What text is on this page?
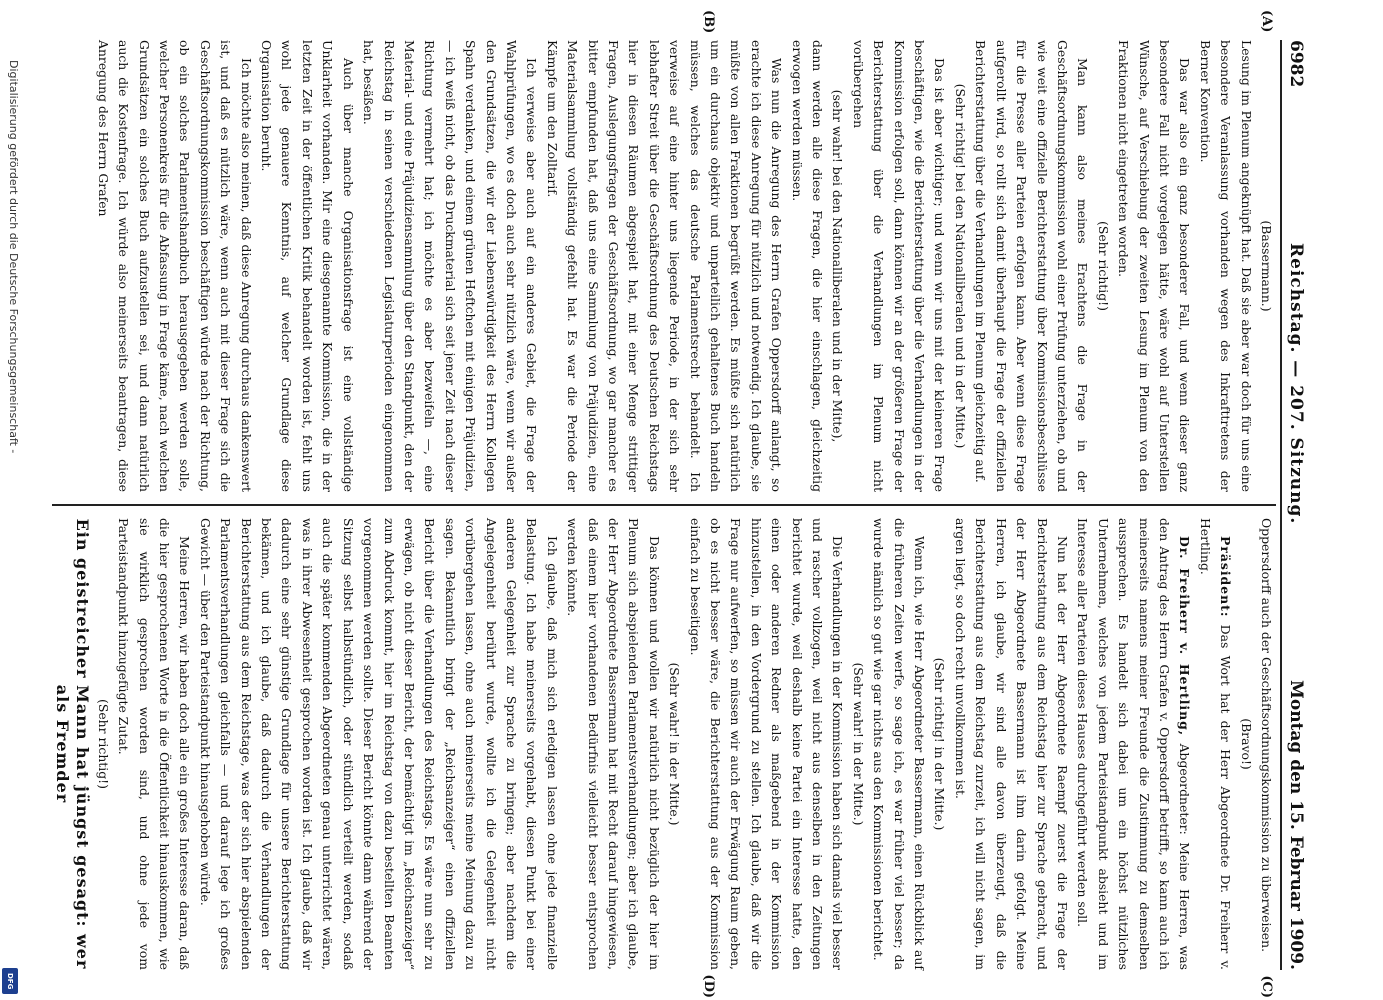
6982
Reichstag. — 207. Sitzung.
Montag den 15. Februar 1909.
(A)
(B)
(C)
(D)

(Bassermann.)

Lesung im Plenum angeknüpft hat. Daß sie aber war doch für uns eine besondere Veranlassung vorhanden wegen des Inkrafttretens der Berner Konvention.

Das war also ein ganz besonderer Fall, und wenn dieser ganz besondere Fall nicht vorgelegen hätte, wäre wohl auf Unterstellen Wünsche, auf Verschiebung der zweiten Lesung im Plenum von den Fraktionen nicht eingetreten worden.

(Sehr richtig!)

Man kann also meines Erachtens die Frage in der Geschäftsordnungskommission wohl einer Prüfung unterziehen, ob und wie weit eine offizielle Berichterstattung über Kommissionsbeschlüsse für die Presse aller Parteien erfolgen kann. Aber wenn diese Frage aufgerollt wird, so rollt sich damit überhaupt die Frage der offiziellen Berichterstattung über die Verhandlungen im Plenum gleichzeitig auf.

(Sehr richtig! bei den Nationalliberalen und in der Mitte.)

Das ist aber wichtiger; und wenn wir uns mit der kleineren Frage beschäftigen, wie die Berichterstattung über die Verhandlungen in der Kommission erfolgen soll, dann können wir an der größeren Frage der Berichterstattung über die Verhandlungen im Plenum nicht vorübergehen

(sehr wahr! bei den Nationalliberalen und in der Mitte),

dann werden alle diese Fragen, die hier einschlagen, gleichzeitig erwogen werden müssen.

Was nun die Anregung des Herrn Grafen Oppersdorff anlangt, so erachte ich diese Anregung für nützlich und notwendig. Ich glaube, sie müßte von allen Fraktionen begrüßt werden. Es müßte sich natürlich um ein durchaus objektiv und unparteilich gehaltenes Buch handeln müssen, welches das deutsche Parlamentsrecht behandelt. Ich verweise auf eine hinter uns liegende Periode, in der sich sehr lebhafter Streit über die Geschäftsordnung des Deutschen Reichstags hier in diesen Räumen abgespielt hat, mit einer Menge strittiger Fragen, Auslegungsfragen der Geschäftsordnung, wo gar mancher es bitter empfunden hat, daß uns eine Sammlung von Präjudizien, eine Materialsammlung vollständig gefehlt hat. Es war die Periode der Kämpfe um den Zolltarif.

Ich verweise aber auch auf ein anderes Gebiet, die Frage der Wahlprüfungen, wo es doch auch sehr nützlich wäre, wenn wir außer den Grundsätzen, die wir der Liebenswürdigkeit des Herrn Kollegen Spahn verdanken, und einem grünen Heftchen mit einigen Präjudizien, — ich weiß nicht, ob das Druckmaterial sich seit jener Zeit nach dieser Richtung vermehrt hat; ich möchte es aber bezweifeln —, eine Material- und eine Präjudiziensammlung über den Standpunkt, den der Reichstag in seinen verschiedenen Legislaturperioden eingenommen hat, besäßen.

Auch über manche Organisationsfrage ist eine vollständige Unklarheit vorhanden. Mir eine diesgenannte Kommission, die in der letzten Zeit in der öffentlichen Kritik behandelt worden ist, fehlt uns wohl jede genauere Kenntnis, auf welcher Grundlage diese Organisation beruht.

Ich möchte also meinen, daß diese Anregung durchaus dankenswert ist, und daß es nützlich wäre, wenn auch mit dieser Frage sich die Geschäftsordnungskommission beschäftigen würde nach der Richtung, ob ein solches Parlamentshandbuch herausgegeben werden solle, welcher Personenkreis für die Abfassung in Frage käme, nach welchen Grundsätzen ein solches Buch aufzustellen sei, und dann natürlich auch die Kostenfrage. Ich würde also meinerseits beantragen, diese Anregung des Herrn Grafen

Oppersdorff auch der Geschäftsordnungskommission zu überweisen.

(Bravo!)

Präsident: Das Wort hat der Herr Abgeordnete Dr. Freiherr v. Hertling.

Dr. Freiherr v. Hertling, Abgeordneter: Meine Herren, was den Antrag des Herrn Grafen v. Oppersdorff betrifft, so kann auch ich meinerseits namens meiner Freunde die Zustimmung zu demselben aussprechen. Es handelt sich dabei um ein höchst nützliches Unternehmen, welches von jedem Parteistandpunkt absieht und im Interesse aller Parteien dieses Hauses durchgeführt werden soll.

Nun hat der Herr Abgeordnete Raempf zuerst die Frage der Berichterstattung aus dem Reichstag hier zur Sprache gebracht, und der Herr Abgeordnete Bassermann ist ihm darin gefolgt. Meine Herren, ich glaube, wir sind alle davon überzeugt, daß die Berichterstattung aus dem Reichstag zurzeit, ich will nicht sagen, im argen liegt, so doch recht unvollkommen ist.

(Sehr richtig! in der Mitte.)

Wenn ich, wie Herr Abgeordneter Bassermann, einen Rückblick auf die früheren Zeiten werfe, so sage ich, es war früher viel besser; da wurde nämlich so gut wie gar nichts aus den Kommissionen berichtet.

(Sehr wahr! in der Mitte.)

Die Verhandlungen in der Kommission haben sich damals viel besser und rascher vollzogen, weil nicht aus denselben in den Zeitungen berichtet wurde, weil deshalb keine Partei ein Interesse hatte, den einen oder anderen Redner als maßgebend in der Kommission hinzustellen, in den Vordergrund zu stellen. Ich glaube, daß wir die Frage nur aufwerfen, so müssen wir auch der Erwägung Raum geben, ob es nicht besser wäre, die Berichterstattung aus der Kommission einfach zu beseitigen.

(Sehr wahr! in der Mitte.)

Das können und wollen wir natürlich nicht bezüglich der hier im Plenum sich abspielenden Parlamentsverhandlungen; aber ich glaube, der Herr Abgeordnete Bassermann hat mit Recht darauf hingewiesen, daß einem hier vorhandenen Bedürfnis vielleicht besser entsprochen werden könnte.

Ich glaube, daß mich sich erledigen lassen ohne jede finanzielle Belastung. Ich habe meinerseits vorgehabt, diesen Punkt bei einer anderen Gelegenheit zur Sprache zu bringen; aber nachdem die Angelegenheit berührt wurde, wollte ich die Gelegenheit nicht vorübergehen lassen, ohne auch meinerseits meine Meinung dazu zu sagen. Bekanntlich bringt der „Reichsanzeiger“ einen offiziellen Bericht über die Verhandlungen des Reichstags. Es wäre nun sehr zu erwägen, ob nicht dieser Bericht, der bemächtigt im „Reichsanzeiger“ zum Abdruck kommt, hier im Reichstag von dazu bestellten Beamten vorgenommen werden sollte. Dieser Bericht könnte dann während der Sitzung selbst halbstündlich, oder stündlich verteilt werden, sodaß auch die später kommenden Abgeordneten genau unterrichtet wären, was in ihrer Abwesenheit gesprochen worden ist. Ich glaube, daß wir dadurch eine sehr günstige Grundlage für unsere Berichterstattung bekämen, und ich glaube, daß dadurch die Verhandlungen der Berichterstattung aus dem Reichstage, was der sich hier abspielenden Parlamentsverhandlungen gleichfalls — und darauf lege ich großes Gewicht — über den Parteistandpunkt hinausgehoben würde.

Meine Herren, wir haben doch alle ein großes Interesse daran, daß die hier gesprochenen Worte in die Öffentlichkeit hinauskommen, wie sie wirklich gesprochen worden sind, und ohne jede vom Parteistandpunkt hinzugefügte Zutat.

(Sehr richtig!)

Ein geistreicher Mann hat jüngst gesagt: wer als Fremder

Digitalisierung gefördert durch die Deutsche Forschungsgemeinschaft -
DFG
